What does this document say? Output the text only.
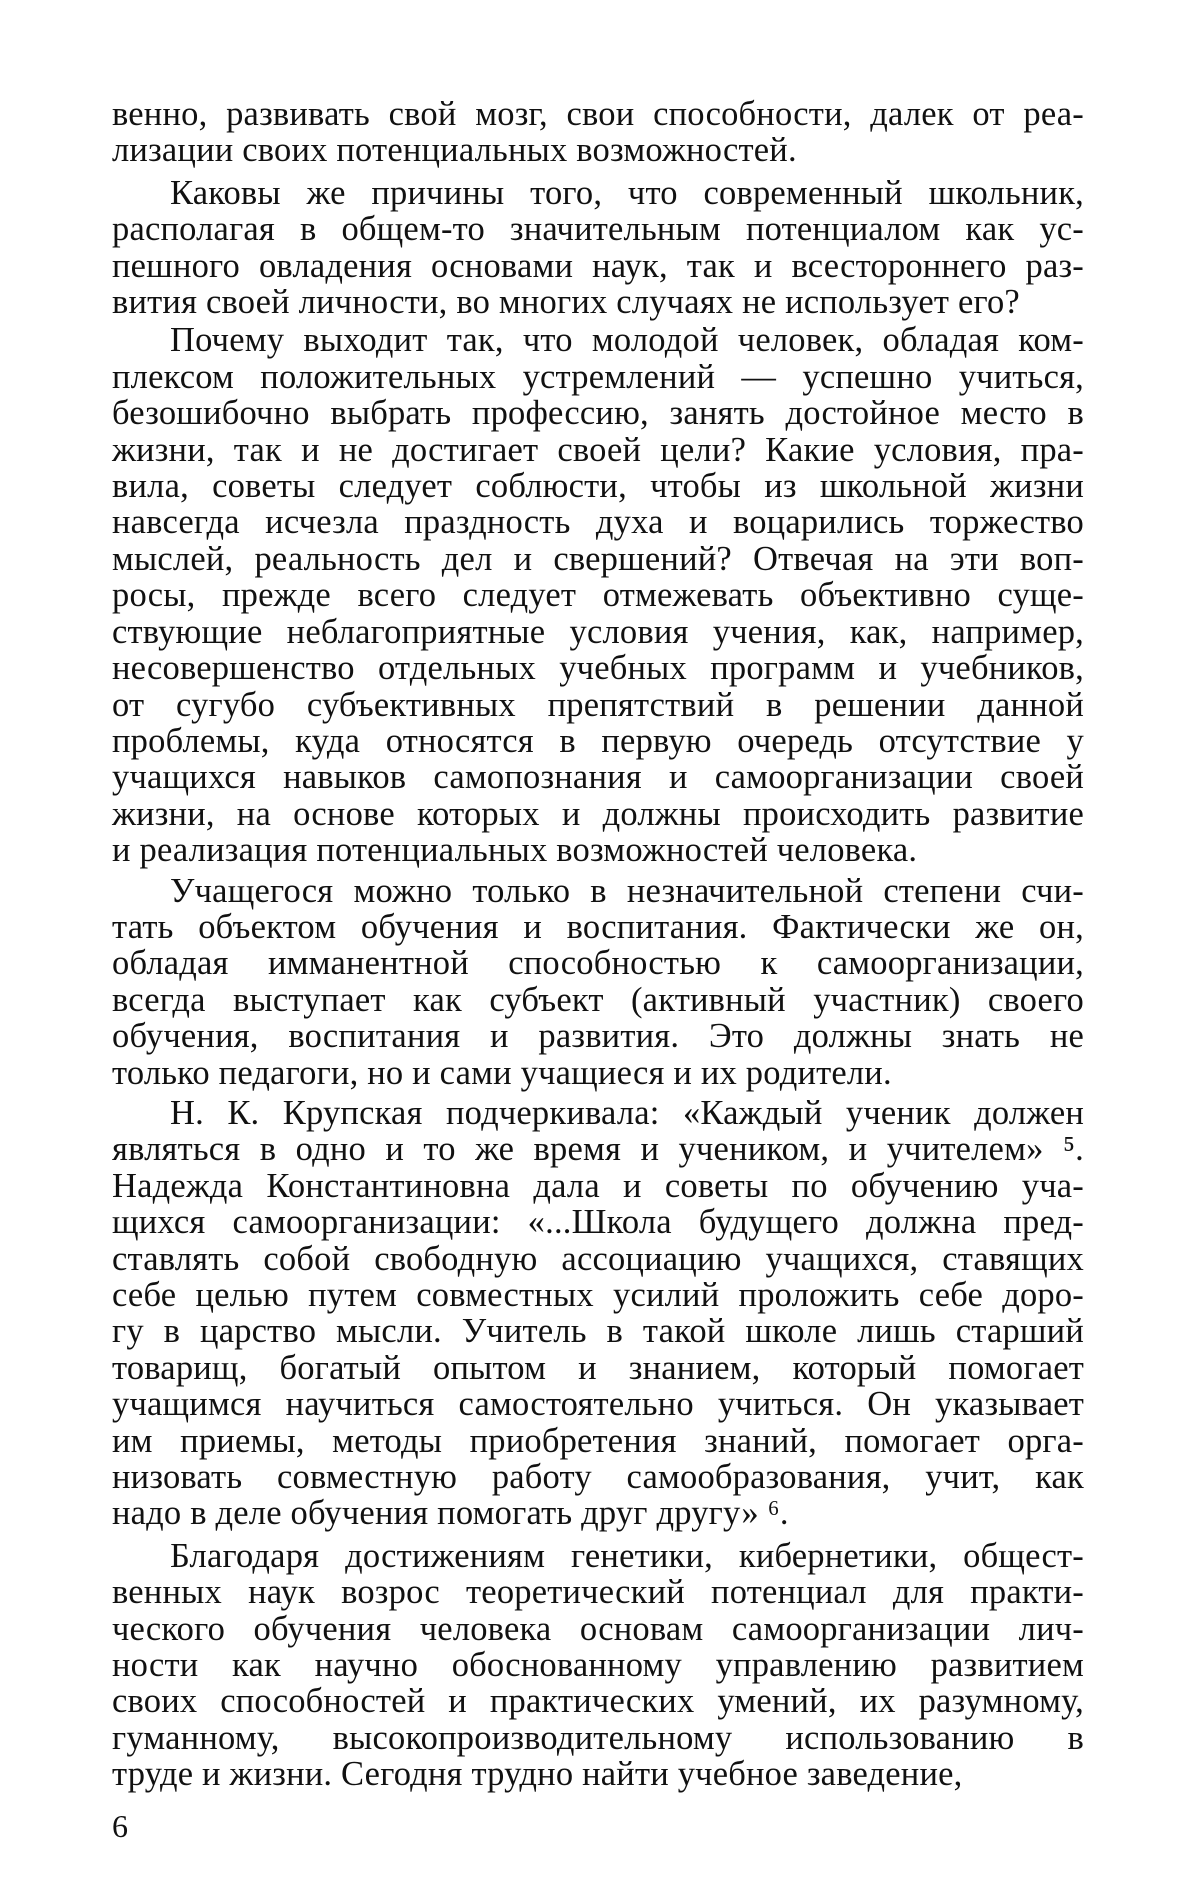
венно, развивать свой мозг, свои способности, далек от реа-
лизации своих потенциальных возможностей.

Каковы же причины того, что современный школьник,
располагая в общем-то значительным потенциалом как ус-
пешного овладения основами наук, так и всестороннего раз-
вития своей личности, во многих случаях не использует его?

Почему выходит так, что молодой человек, обладая ком-
плексом положительных устремлений — успешно учиться,
безошибочно выбрать профессию, занять достойное место в
жизни, так и не достигает своей цели? Какие условия, пра-
вила, советы следует соблюсти, чтобы из школьной жизни
навсегда исчезла праздность духа и воцарились торжество
мыслей, реальность дел и свершений? Отвечая на эти воп-
росы, прежде всего следует отмежевать объективно суще-
ствующие неблагоприятные условия учения, как, например,
несовершенство отдельных учебных программ и учебников,
от сугубо субъективных препятствий в решении данной
проблемы, куда относятся в первую очередь отсутствие у
учащихся навыков самопознания и самоорганизации своей
жизни, на основе которых и должны происходить развитие
и реализация потенциальных возможностей человека.

Учащегося можно только в незначительной степени счи-
тать объектом обучения и воспитания. Фактически же он,
обладая имманентной способностью к самоорганизации,
всегда выступает как субъект (активный участник) своего
обучения, воспитания и развития. Это должны знать не
только педагоги, но и сами учащиеся и их родители.

Н. К. Крупская подчеркивала: «Каждый ученик должен
являться в одно и то же время и учеником, и учителем» ⁵.
Надежда Константиновна дала и советы по обучению уча-
щихся самоорганизации: «...Школа будущего должна пред-
ставлять собой свободную ассоциацию учащихся, ставящих
себе целью путем совместных усилий проложить себе доро-
гу в царство мысли. Учитель в такой школе лишь старший
товарищ, богатый опытом и знанием, который помогает
учащимся научиться самостоятельно учиться. Он указывает
им приемы, методы приобретения знаний, помогает орга-
низовать совместную работу самообразования, учит, как
надо в деле обучения помогать друг другу» ⁶.

Благодаря достижениям генетики, кибернетики, общест-
венных наук возрос теоретический потенциал для практи-
ческого обучения человека основам самоорганизации лич-
ности как научно обоснованному управлению развитием
своих способностей и практических умений, их разумному,
гуманному, высокопроизводительному использованию в
труде и жизни. Сегодня трудно найти учебное заведение,

6
